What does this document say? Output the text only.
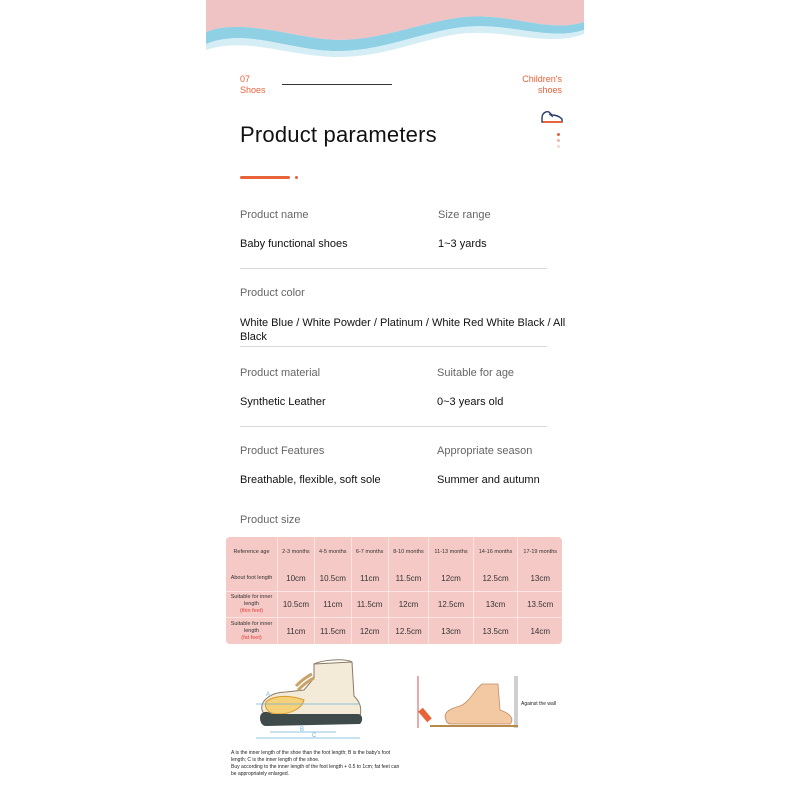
07
Shoes
Children's
shoes
Product parameters
Product name	Size range
Baby functional shoes	1~3 yards
Product color
White Blue / White Powder / Platinum / White Red White Black / All Black
Product material	Suitable for age
Synthetic Leather	0~3 years old
Product Features	Appropriate season
Breathable, flexible, soft sole	Summer and autumn
Product size
Reference age	2-3 months	4-5 months	6-7 months	8-10 months	11-13 months	14-16 months	17-19 months
About foot length	10cm	10.5cm	11cm	11.5cm	12cm	12.5cm	13cm
Suitable for inner length
(thin feet)	10.5cm	11cm	11.5cm	12cm	12.5cm	13cm	13.5cm
Suitable for inner length
(fat feet)	11cm	11.5cm	12cm	12.5cm	13cm	13.5cm	14cm
A
B
C
Against the wall

A is the inner length of the shoe than the foot length; B is the baby's foot length; C is the inner length of the shoe.

Buy according to the inner length of the foot length + 0.5 to 1cm; fat feet can be appropriately enlarged.
